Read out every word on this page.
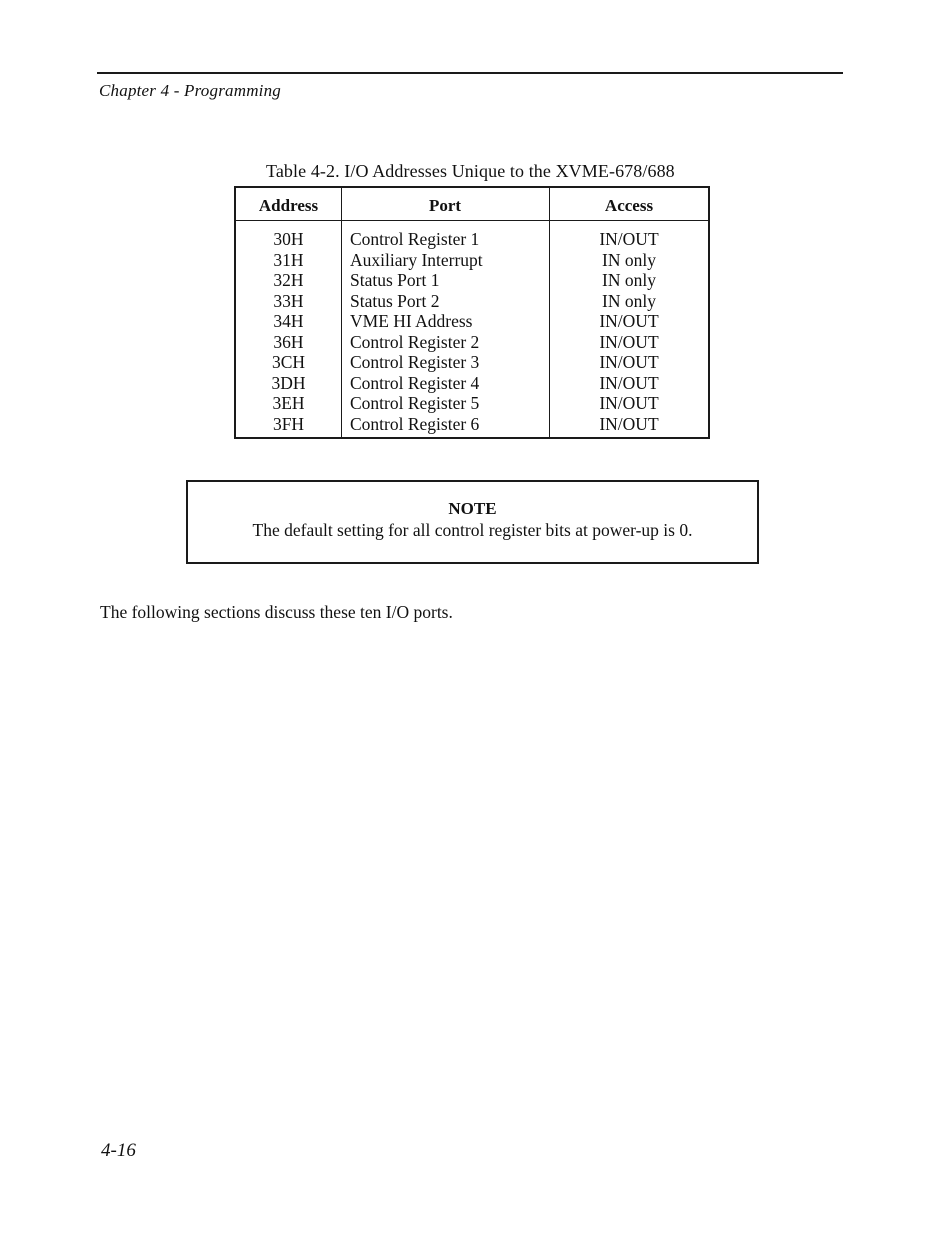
Chapter 4 - Programming
Table 4-2. I/O Addresses Unique to the XVME-678/688
Address	Port	Access
30H	Control Register 1	IN/OUT
31H	Auxiliary Interrupt	IN only
32H	Status Port 1	IN only
33H	Status Port 2	IN only
34H	VME HI Address	IN/OUT
36H	Control Register 2	IN/OUT
3CH	Control Register 3	IN/OUT
3DH	Control Register 4	IN/OUT
3EH	Control Register 5	IN/OUT
3FH	Control Register 6	IN/OUT
NOTE
The default setting for all control register bits at power-up is 0.
The following sections discuss these ten I/O ports.
4-16
